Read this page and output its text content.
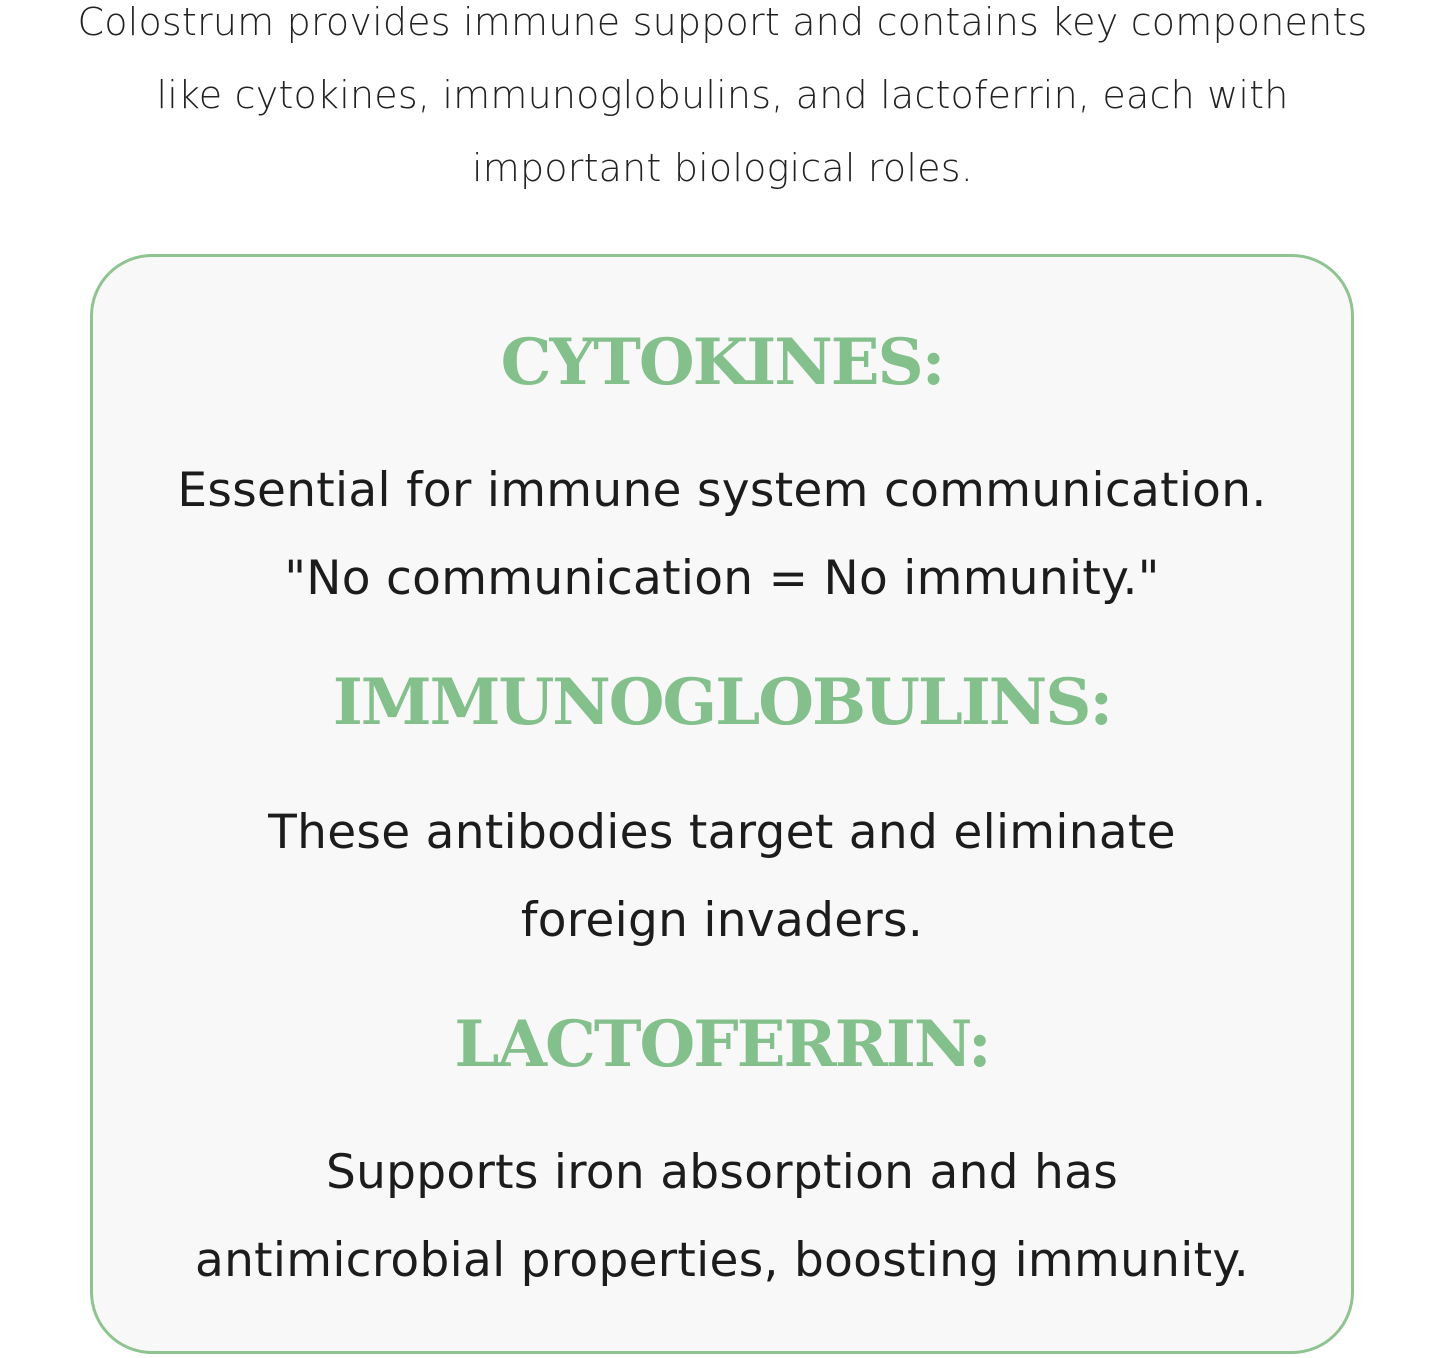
Colostrum provides immune support and contains key components
like cytokines, immunoglobulins, and lactoferrin, each with
important biological roles.
CYTOKINES:
Essential for immune system communication.
"No communication = No immunity."
IMMUNOGLOBULINS:
These antibodies target and eliminate
foreign invaders.
LACTOFERRIN:
Supports iron absorption and has
antimicrobial properties, boosting immunity.
